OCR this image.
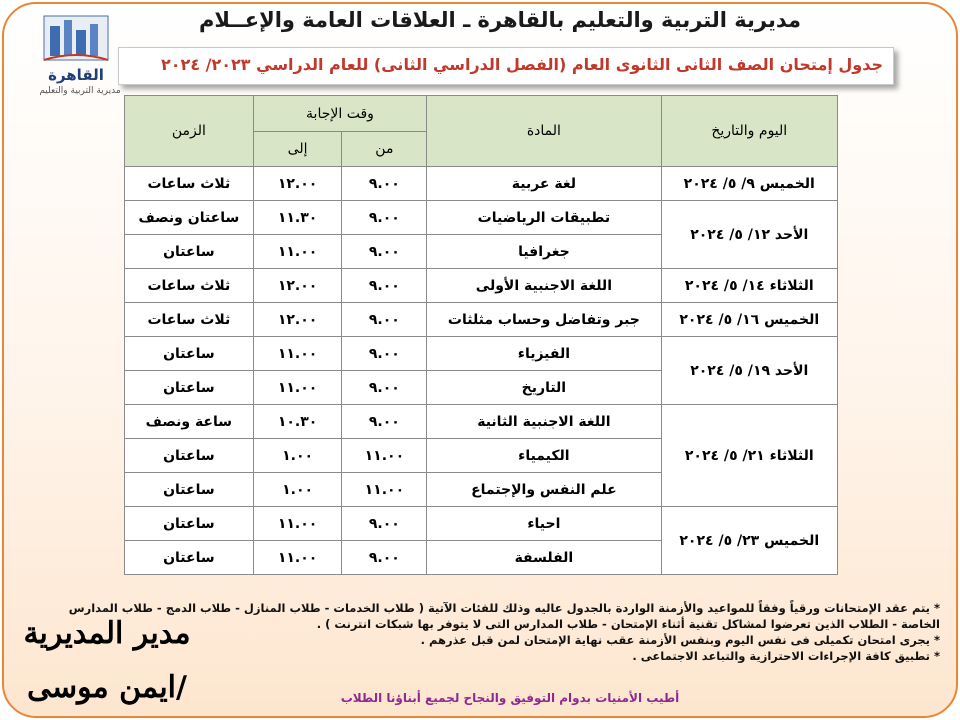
القاهرة
مديرية التربية والتعليم
مديرية التربية والتعليم بالقاهرة ـ العلاقات العامة والإعــلام
جدول إمتحان الصف الثانى الثانوى العام (الفصل الدراسي الثانى) للعام الدراسي ٢٠٢٣/ ٢٠٢٤
اليوم والتاريخ	المادة	وقت الإجابة		الزمن
		من	إلى	
الخميس ٩/ ٥/ ٢٠٢٤	لغة عربية	٩.٠٠	١٢.٠٠	ثلاث ساعات
الأحد ١٢/ ٥/ ٢٠٢٤	تطبيقات الرياضيات	٩.٠٠	١١.٣٠	ساعتان ونصف
	جغرافيا	٩.٠٠	١١.٠٠	ساعتان
الثلاثاء ١٤/ ٥/ ٢٠٢٤	اللغة الاجنبية الأولى	٩.٠٠	١٢.٠٠	ثلاث ساعات
الخميس ١٦/ ٥/ ٢٠٢٤	جبر وتفاضل وحساب مثلثات	٩.٠٠	١٢.٠٠	ثلاث ساعات
الأحد ١٩/ ٥/ ٢٠٢٤	الفيزياء	٩.٠٠	١١.٠٠	ساعتان
	التاريخ	٩.٠٠	١١.٠٠	ساعتان
الثلاثاء ٢١/ ٥/ ٢٠٢٤	اللغة الاجنبية الثانية	٩.٠٠	١٠.٣٠	ساعة ونصف
	الكيمياء	١١.٠٠	١.٠٠	ساعتان
	علم النفس والإجتماع	١١.٠٠	١.٠٠	ساعتان
الخميس ٢٣/ ٥/ ٢٠٢٤	احياء	٩.٠٠	١١.٠٠	ساعتان
	الفلسفة	٩.٠٠	١١.٠٠	ساعتان
* يتم عقد الإمتحانات ورقياً وفقاً للمواعيد والأزمنة الواردة بالجدول عاليه وذلك للفئات الآتية ( طلاب الخدمات - طلاب المنازل - طلاب الدمج - طلاب المدارس
الخاصة - الطلاب الذين تعرضوا لمشاكل تقنية أثناء الإمتحان - طلاب المدارس التى لا يتوفر بها شبكات انترنت ) .
* يجرى امتحان تكميلى فى نفس اليوم وبنفس الأزمنة عقب نهاية الإمتحان لمن قبل عذرهم .
* تطبيق كافة الإجراءات الاحترازية والتباعد الاجتماعى .
أطيب الأمنيات بدوام التوفيق والنجاح لجميع أبناؤنا الطلاب
مدير المديرية
/ايمن موسى
